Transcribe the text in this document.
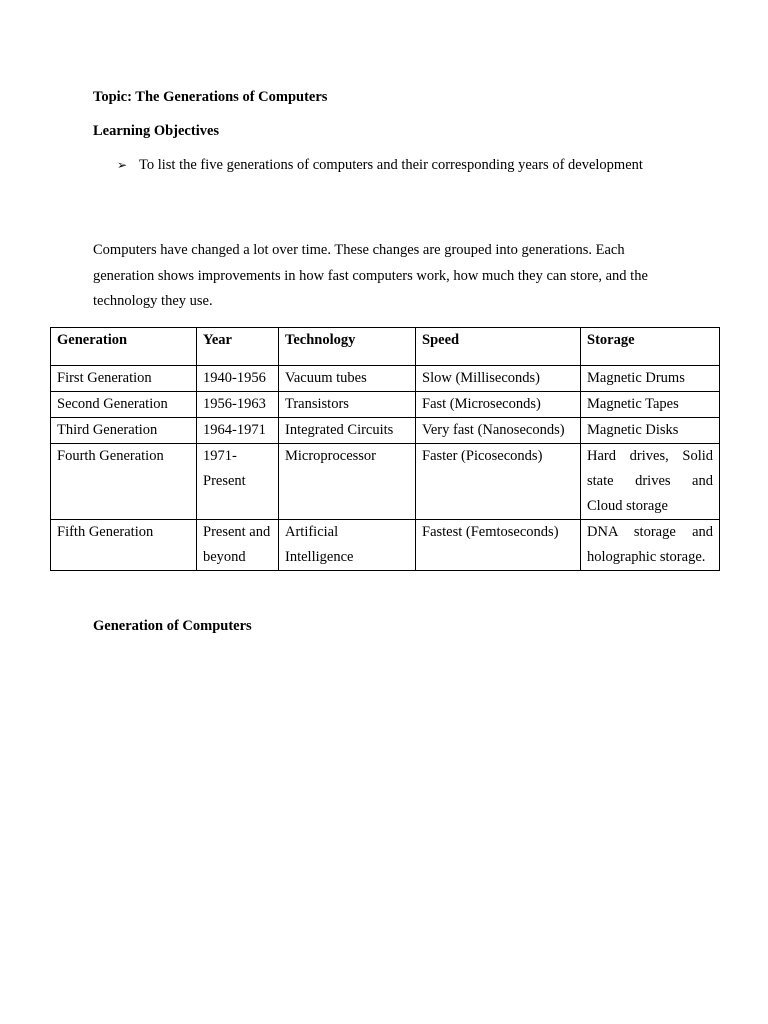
Topic: The Generations of Computers
Learning Objectives
➢ To list the five generations of computers and their corresponding years of development
Computers have changed a lot over time. These changes are grouped into generations. Each generation shows improvements in how fast computers work, how much they can store, and the technology they use.
Generation	Year	Technology	Speed	Storage
First Generation	1940-1956	Vacuum tubes	Slow (Milliseconds)	Magnetic Drums
Second Generation	1956-1963	Transistors	Fast (Microseconds)	Magnetic Tapes
Third Generation	1964-1971	Integrated Circuits	Very fast (Nanoseconds)	Magnetic Disks
Fourth Generation	1971-Present	Microprocessor	Faster (Picoseconds)	Hard drives, Solid state drives and Cloud storage
Fifth Generation	Present and beyond	Artificial Intelligence	Fastest (Femtoseconds)	DNA storage and holographic storage.
Generation of Computers
